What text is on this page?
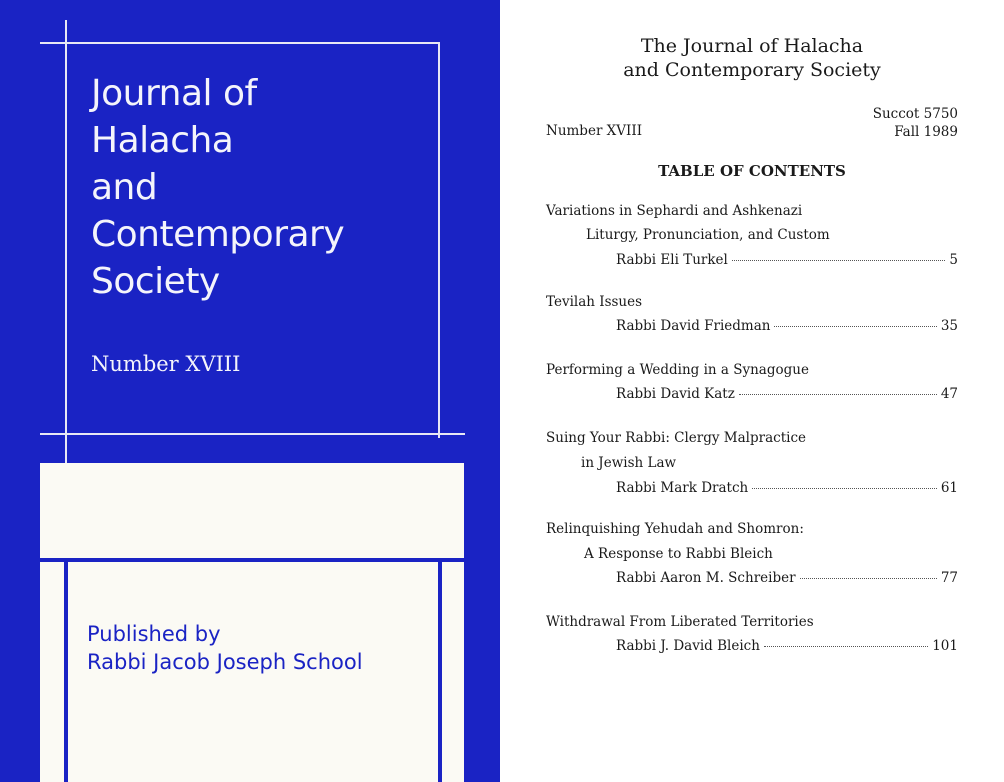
Journal of
Halacha
and
Contemporary
Society
Number XVIII
Published by
Rabbi Jacob Joseph School
The Journal of Halacha
and Contemporary Society
Number XVIII
Succot 5750
Fall 1989
TABLE OF CONTENTS
Variations in Sephardi and Ashkenazi
Liturgy, Pronunciation, and Custom
Rabbi Eli Turkel	5
Tevilah Issues
Rabbi David Friedman	35
Performing a Wedding in a Synagogue
Rabbi David Katz	47
Suing Your Rabbi: Clergy Malpractice
in Jewish Law
Rabbi Mark Dratch	61
Relinquishing Yehudah and Shomron:
A Response to Rabbi Bleich
Rabbi Aaron M. Schreiber	77
Withdrawal From Liberated Territories
Rabbi J. David Bleich	101
